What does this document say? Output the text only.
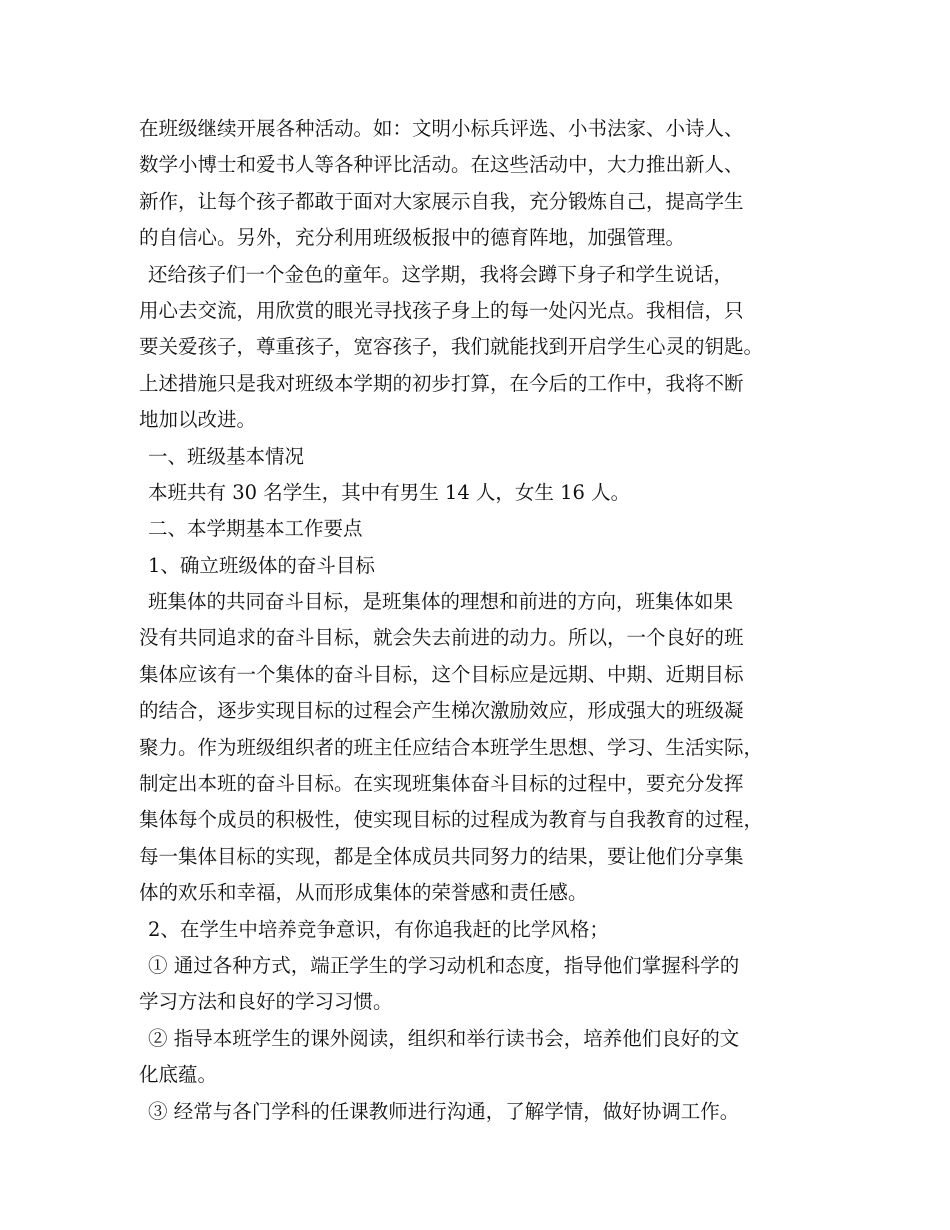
在班级继续开展各种活动。如：文明小标兵评选、小书法家、小诗人、
数学小博士和爱书人等各种评比活动。在这些活动中，大力推出新人、
新作，让每个孩子都敢于面对大家展示自我，充分锻炼自己，提高学生
的自信心。另外，充分利用班级板报中的德育阵地，加强管理。
还给孩子们一个金色的童年。这学期，我将会蹲下身子和学生说话，
用心去交流，用欣赏的眼光寻找孩子身上的每一处闪光点。我相信，只
要关爱孩子，尊重孩子，宽容孩子，我们就能找到开启学生心灵的钥匙。
上述措施只是我对班级本学期的初步打算，在今后的工作中，我将不断
地加以改进。
一、班级基本情况
本班共有 30 名学生，其中有男生 14 人，女生 16 人。
二、本学期基本工作要点
1、确立班级体的奋斗目标
班集体的共同奋斗目标，是班集体的理想和前进的方向，班集体如果
没有共同追求的奋斗目标，就会失去前进的动力。所以，一个良好的班
集体应该有一个集体的奋斗目标，这个目标应是远期、中期、近期目标
的结合，逐步实现目标的过程会产生梯次激励效应，形成强大的班级凝
聚力。作为班级组织者的班主任应结合本班学生思想、学习、生活实际，
制定出本班的奋斗目标。在实现班集体奋斗目标的过程中，要充分发挥
集体每个成员的积极性，使实现目标的过程成为教育与自我教育的过程，
每一集体目标的实现，都是全体成员共同努力的结果，要让他们分享集
体的欢乐和幸福，从而形成集体的荣誉感和责任感。
2、在学生中培养竞争意识，有你追我赶的比学风格；
① 通过各种方式，端正学生的学习动机和态度，指导他们掌握科学的
学习方法和良好的学习习惯。
② 指导本班学生的课外阅读，组织和举行读书会，培养他们良好的文
化底蕴。
③ 经常与各门学科的任课教师进行沟通，了解学情，做好协调工作。
